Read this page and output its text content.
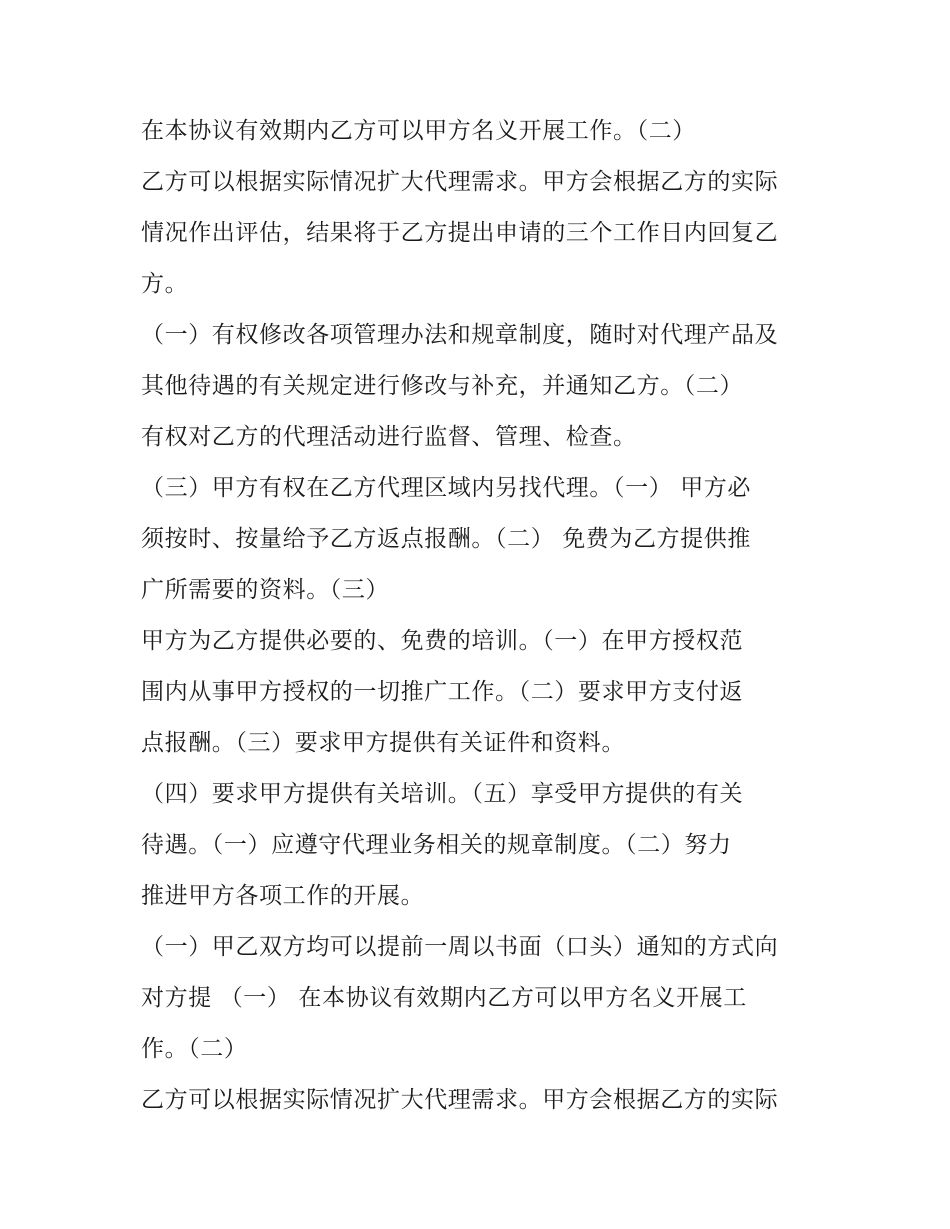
在本协议有效期内乙方可以甲方名义开展工作。（二）
乙方可以根据实际情况扩大代理需求。甲方会根据乙方的实际
情况作出评估，结果将于乙方提出申请的三个工作日内回复乙
方。
（一）有权修改各项管理办法和规章制度，随时对代理产品及
其他待遇的有关规定进行修改与补充，并通知乙方。（二）
有权对乙方的代理活动进行监督、管理、检查。
（三）甲方有权在乙方代理区域内另找代理。（一） 甲方必
须按时、按量给予乙方返点报酬。（二） 免费为乙方提供推
广所需要的资料。（三）
甲方为乙方提供必要的、免费的培训。（一）在甲方授权范
围内从事甲方授权的一切推广工作。（二）要求甲方支付返
点报酬。（三）要求甲方提供有关证件和资料。
（四）要求甲方提供有关培训。（五）享受甲方提供的有关
待遇。（一）应遵守代理业务相关的规章制度。（二）努力
推进甲方各项工作的开展。
（一）甲乙双方均可以提前一周以书面（口头）通知的方式向
对方提 （一） 在本协议有效期内乙方可以甲方名义开展工
作。（二）
乙方可以根据实际情况扩大代理需求。甲方会根据乙方的实际
